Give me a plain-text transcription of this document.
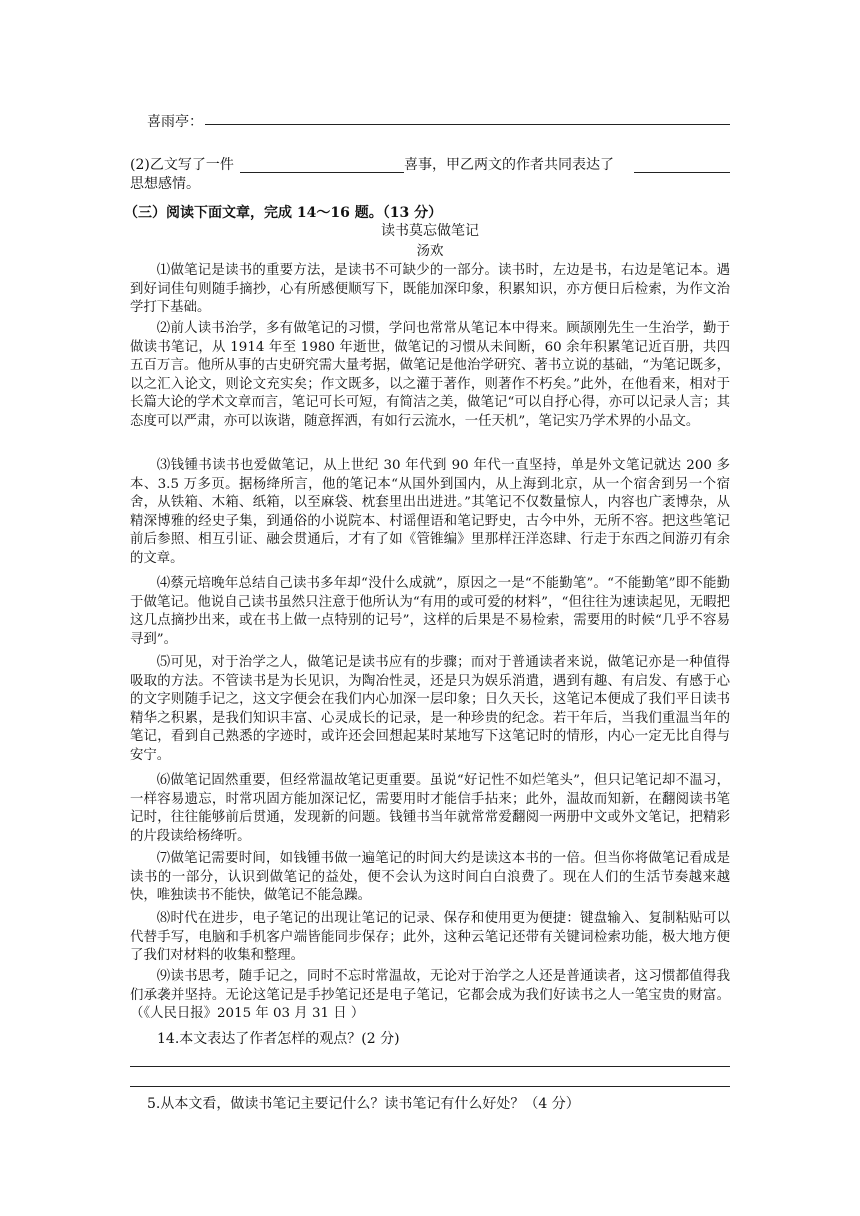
喜雨亭：
(2)乙文写了一件	喜事，甲乙两文的作者共同表达了
思想感情。
（三）阅读下面文章，完成 14～16 题。（13 分）
读书莫忘做笔记
汤欢
⑴做笔记是读书的重要方法，是读书不可缺少的一部分。读书时，左边是书，右边是笔记本。遇到好词佳句则随手摘抄，心有所感便顺写下，既能加深印象，积累知识，亦方便日后检索，为作文治学打下基础。
⑵前人读书治学，多有做笔记的习惯，学问也常常从笔记本中得来。顾颉刚先生一生治学，勤于做读书笔记，从 1914 年至 1980 年逝世，做笔记的习惯从未间断，60 余年积累笔记近百册，共四五百万言。他所从事的古史研究需大量考据，做笔记是他治学研究、著书立说的基础，“为笔记既多，以之汇入论文，则论文充实矣；作文既多，以之灌于著作，则著作不朽矣。”此外，在他看来，相对于长篇大论的学术文章而言，笔记可长可短，有简洁之美，做笔记“可以自抒心得，亦可以记录人言；其态度可以严肃，亦可以诙谐，随意挥洒，有如行云流水，一任天机”，笔记实乃学术界的小品文。
⑶钱锺书读书也爱做笔记，从上世纪 30 年代到 90 年代一直坚持，单是外文笔记就达 200 多本、3.5 万多页。据杨绛所言，他的笔记本“从国外到国内，从上海到北京，从一个宿舍到另一个宿舍，从铁箱、木箱、纸箱，以至麻袋、枕套里出出进进。”其笔记不仅数量惊人，内容也广袤博杂，从精深博雅的经史子集，到通俗的小说院本、村谣俚语和笔记野史，古今中外，无所不容。把这些笔记前后参照、相互引证、融会贯通后，才有了如《管锥编》里那样汪洋恣肆、行走于东西之间游刃有余的文章。
⑷蔡元培晚年总结自己读书多年却“没什么成就”，原因之一是“不能勤笔”。“不能勤笔”即不能勤于做笔记。他说自己读书虽然只注意于他所认为“有用的或可爱的材料”，“但往往为速读起见，无暇把这几点摘抄出来，或在书上做一点特别的记号”，这样的后果是不易检索，需要用的时候“几乎不容易寻到”。
⑸可见，对于治学之人，做笔记是读书应有的步骤；而对于普通读者来说，做笔记亦是一种值得吸取的方法。不管读书是为长见识，为陶冶性灵，还是只为娱乐消遣，遇到有趣、有启发、有感于心的文字则随手记之，这文字便会在我们内心加深一层印象；日久天长，这笔记本便成了我们平日读书精华之积累，是我们知识丰富、心灵成长的记录，是一种珍贵的纪念。若干年后，当我们重温当年的笔记，看到自己熟悉的字迹时，或许还会回想起某时某地写下这笔记时的情形，内心一定无比自得与安宁。
⑹做笔记固然重要，但经常温故笔记更重要。虽说“好记性不如烂笔头”，但只记笔记却不温习，一样容易遗忘，时常巩固方能加深记忆，需要用时才能信手拈来；此外，温故而知新，在翻阅读书笔记时，往往能够前后贯通，发现新的问题。钱锺书当年就常常爱翻阅一两册中文或外文笔记，把精彩的片段读给杨绛听。
⑺做笔记需要时间，如钱锺书做一遍笔记的时间大约是读这本书的一倍。但当你将做笔记看成是读书的一部分，认识到做笔记的益处，便不会认为这时间白白浪费了。现在人们的生活节奏越来越快，唯独读书不能快，做笔记不能急躁。
⑻时代在进步，电子笔记的出现让笔记的记录、保存和使用更为便捷：键盘输入、复制粘贴可以代替手写，电脑和手机客户端皆能同步保存；此外，这种云笔记还带有关键词检索功能，极大地方便了我们对材料的收集和整理。
⑼读书思考，随手记之，同时不忘时常温故，无论对于治学之人还是普通读者，这习惯都值得我们承袭并坚持。无论这笔记是手抄笔记还是电子笔记，它都会成为我们好读书之人一笔宝贵的财富。（《人民日报》2015 年 03 月 31 日 ）
14.本文表达了作者怎样的观点？(2 分)
5.从本文看，做读书笔记主要记什么？读书笔记有什么好处？（4 分）
